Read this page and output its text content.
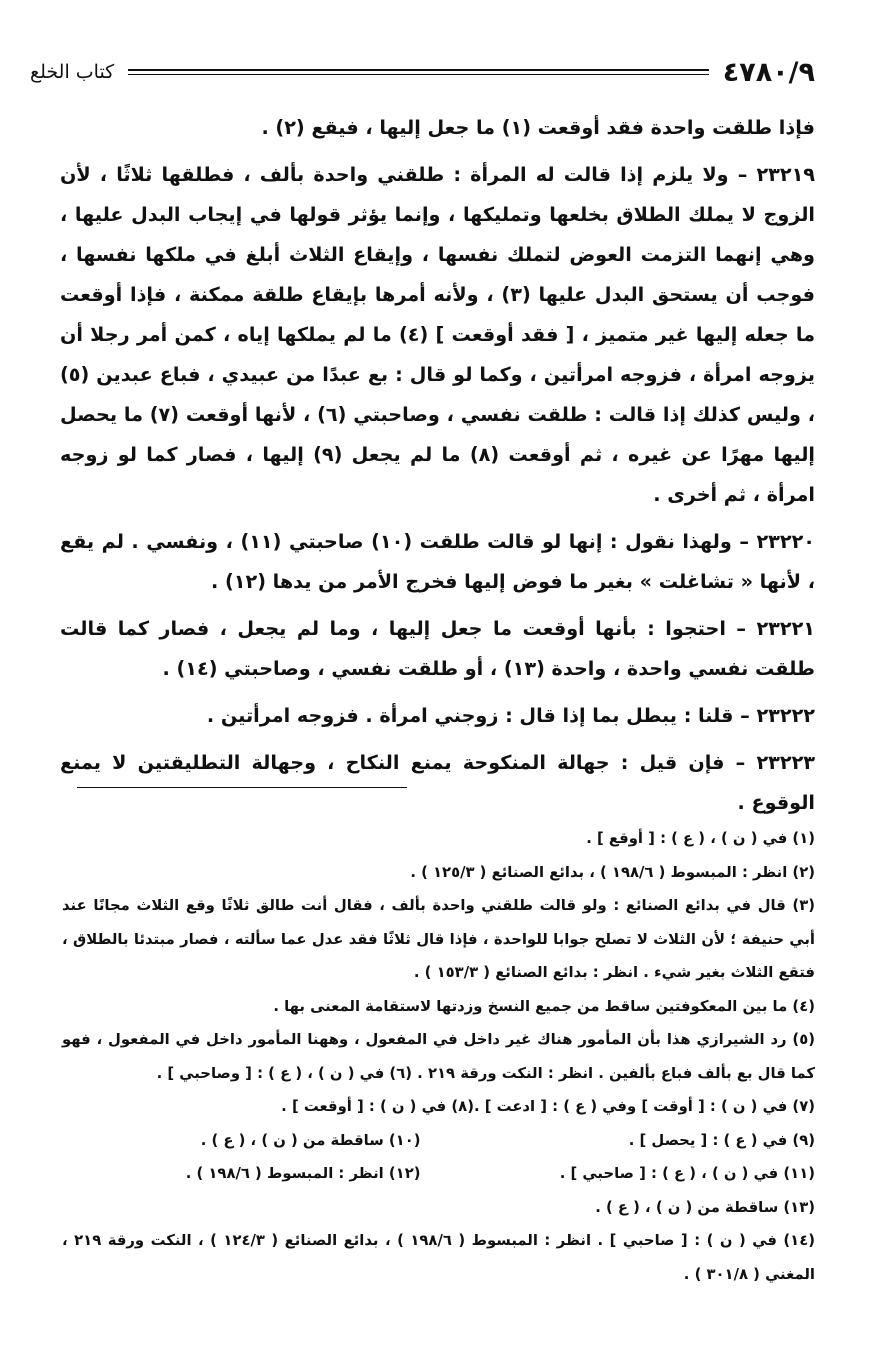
٤٧٨٠/٩
كتاب الخلع

فإذا طلقت واحدة فقد أوقعت (١) ما جعل إليها ، فيقع (٢) .

٢٣٢١٩ – ولا يلزم إذا قالت له المرأة : طلقني واحدة بألف ، فطلقها ثلاثًا ، لأن الزوج لا يملك الطلاق بخلعها وتمليكها ، وإنما يؤثر قولها في إيجاب البدل عليها ، وهي إنهما التزمت العوض لتملك نفسها ، وإيقاع الثلاث أبلغ في ملكها نفسها ، فوجب أن يستحق البدل عليها (٣) ، ولأنه أمرها بإيقاع طلقة ممكنة ، فإذا أوقعت ما جعله إليها غير متميز ، [ فقد أوقعت ] (٤) ما لم يملكها إياه ، كمن أمر رجلا أن يزوجه امرأة ، فزوجه امرأتين ، وكما لو قال : بع عبدًا من عبيدي ، فباع عبدين (٥) ، وليس كذلك إذا قالت : طلقت نفسي ، وصاحبتي (٦) ، لأنها أوقعت (٧) ما يحصل إليها مهرًا عن غيره ، ثم أوقعت (٨) ما لم يجعل (٩) إليها ، فصار كما لو زوجه امرأة ، ثم أخرى .

٢٣٢٢٠ – ولهذا نقول : إنها لو قالت طلقت (١٠) صاحبتي (١١) ، ونفسي . لم يقع ، لأنها « تشاغلت » بغير ما فوض إليها فخرج الأمر من يدها (١٢) .

٢٣٢٢١ – احتجوا : بأنها أوقعت ما جعل إليها ، وما لم يجعل ، فصار كما قالت طلقت نفسي واحدة ، واحدة (١٣) ، أو طلقت نفسي ، وصاحبتي (١٤) .

٢٣٢٢٢ – قلنا : يبطل بما إذا قال : زوجني امرأة . فزوجه امرأتين .

٢٣٢٢٣ – فإن قيل : جهالة المنكوحة يمنع النكاح ، وجهالة التطليقتين لا يمنع الوقوع .

(١) في ( ن ) ، ( ع ) : [ أوقع ] .

(٢) انظر : المبسوط ( ١٩٨/٦ ) ، بدائع الصنائع ( ١٢٥/٣ ) .

(٣) قال في بدائع الصنائع : ولو قالت طلقني واحدة بألف ، فقال أنت طالق ثلاثًا وقع الثلاث مجانًا عند أبي حنيفة ؛ لأن الثلاث لا تصلح جوابا للواحدة ، فإذا قال ثلاثًا فقد عدل عما سألته ، فصار مبتدئا بالطلاق ، فتقع الثلاث بغير شيء . انظر : بدائع الصنائع ( ١٥٣/٣ ) .

(٤) ما بين المعكوفتين ساقط من جميع النسخ وزدتها لاستقامة المعنى بها .

(٥) رد الشيرازي هذا بأن المأمور هناك غير داخل في المفعول ، وههنا المأمور داخل في المفعول ، فهو كما قال بع بألف فباع بألفين . انظر : النكت ورقة ٢١٩ . (٦) في ( ن ) ، ( ع ) : [ وصاحبي ] .

(٧) في ( ن ) : [ أوقت ] وفي ( ع ) : [ ادعت ] .(٨) في ( ن ) : [ أوقعت ] .

(٩) في ( ع ) : [ يحصل ] .
(١٠) ساقطة من ( ن ) ، ( ع ) .
(١١) في ( ن ) ، ( ع ) : [ صاحبي ] .
(١٢) انظر : المبسوط ( ١٩٨/٦ ) .

(١٣) ساقطة من ( ن ) ، ( ع ) .

(١٤) في ( ن ) : [ صاحبي ] . انظر : المبسوط ( ١٩٨/٦ ) ، بدائع الصنائع ( ١٢٤/٣ ) ، النكت ورقة ٢١٩ ، المغني ( ٣٠١/٨ ) .
